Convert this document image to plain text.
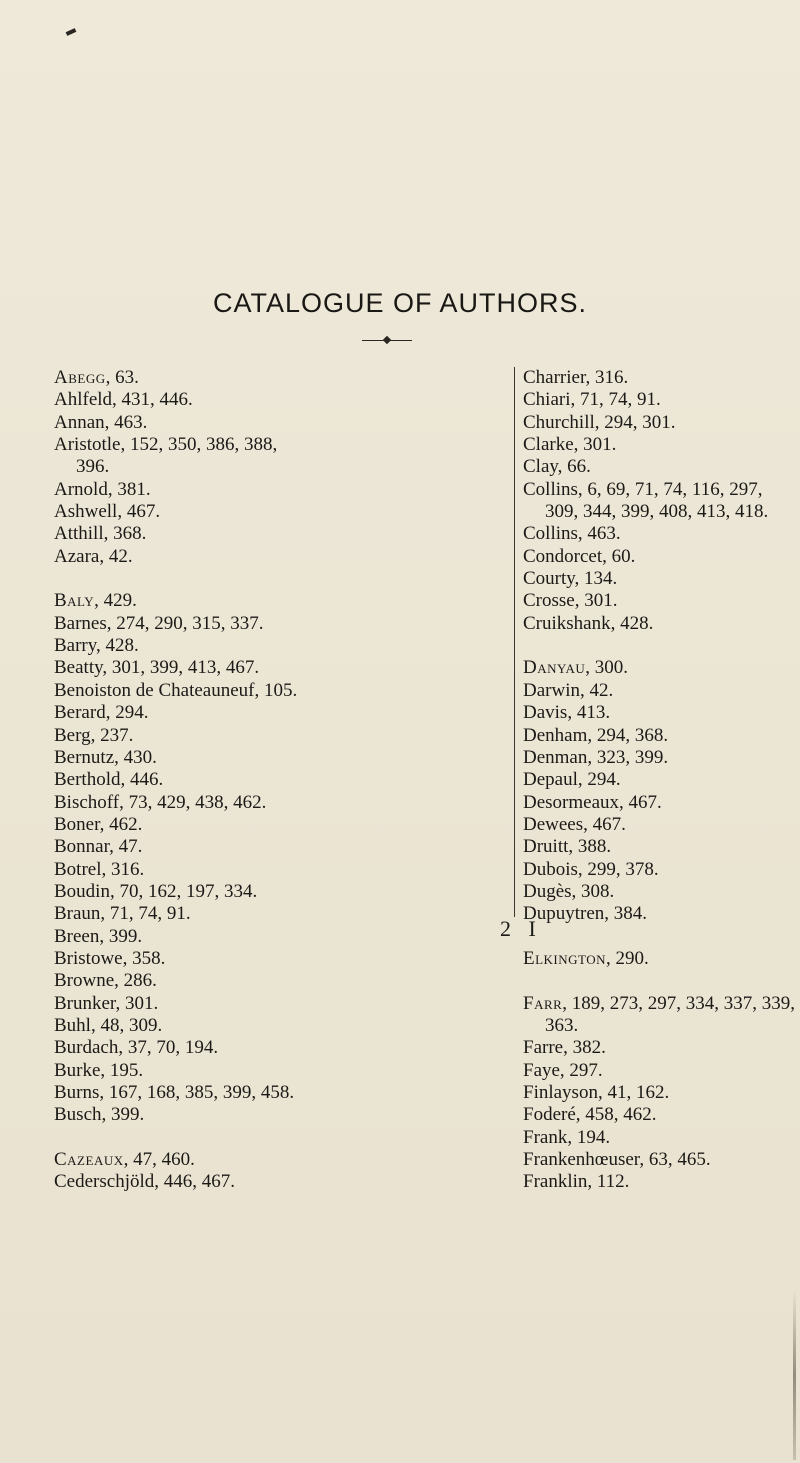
CATALOGUE OF AUTHORS.
Abegg, 63.
Ahlfeld, 431, 446.
Annan, 463.
Aristotle, 152, 350, 386, 388,
396.
Arnold, 381.
Ashwell, 467.
Atthill, 368.
Azara, 42.
Baly, 429.
Barnes, 274, 290, 315, 337.
Barry, 428.
Beatty, 301, 399, 413, 467.
Benoiston de Chateauneuf, 105.
Berard, 294.
Berg, 237.
Bernutz, 430.
Berthold, 446.
Bischoff, 73, 429, 438, 462.
Boner, 462.
Bonnar, 47.
Botrel, 316.
Boudin, 70, 162, 197, 334.
Braun, 71, 74, 91.
Breen, 399.
Bristowe, 358.
Browne, 286.
Brunker, 301.
Buhl, 48, 309.
Burdach, 37, 70, 194.
Burke, 195.
Burns, 167, 168, 385, 399, 458.
Busch, 399.
Cazeaux, 47, 460.
Cederschjöld, 446, 467.
Charrier, 316.
Chiari, 71, 74, 91.
Churchill, 294, 301.
Clarke, 301.
Clay, 66.
Collins, 6, 69, 71, 74, 116, 297,
309, 344, 399, 408, 413, 418.
Collins, 463.
Condorcet, 60.
Courty, 134.
Crosse, 301.
Cruikshank, 428.
Danyau, 300.
Darwin, 42.
Davis, 413.
Denham, 294, 368.
Denman, 323, 399.
Depaul, 294.
Desormeaux, 467.
Dewees, 467.
Druitt, 388.
Dubois, 299, 378.
Dugès, 308.
Dupuytren, 384.
Elkington, 290.
Farr, 189, 273, 297, 334, 337, 339,
363.
Farre, 382.
Faye, 297.
Finlayson, 41, 162.
Foderé, 458, 462.
Frank, 194.
Frankenhœuser, 63, 465.
Franklin, 112.
2 I
